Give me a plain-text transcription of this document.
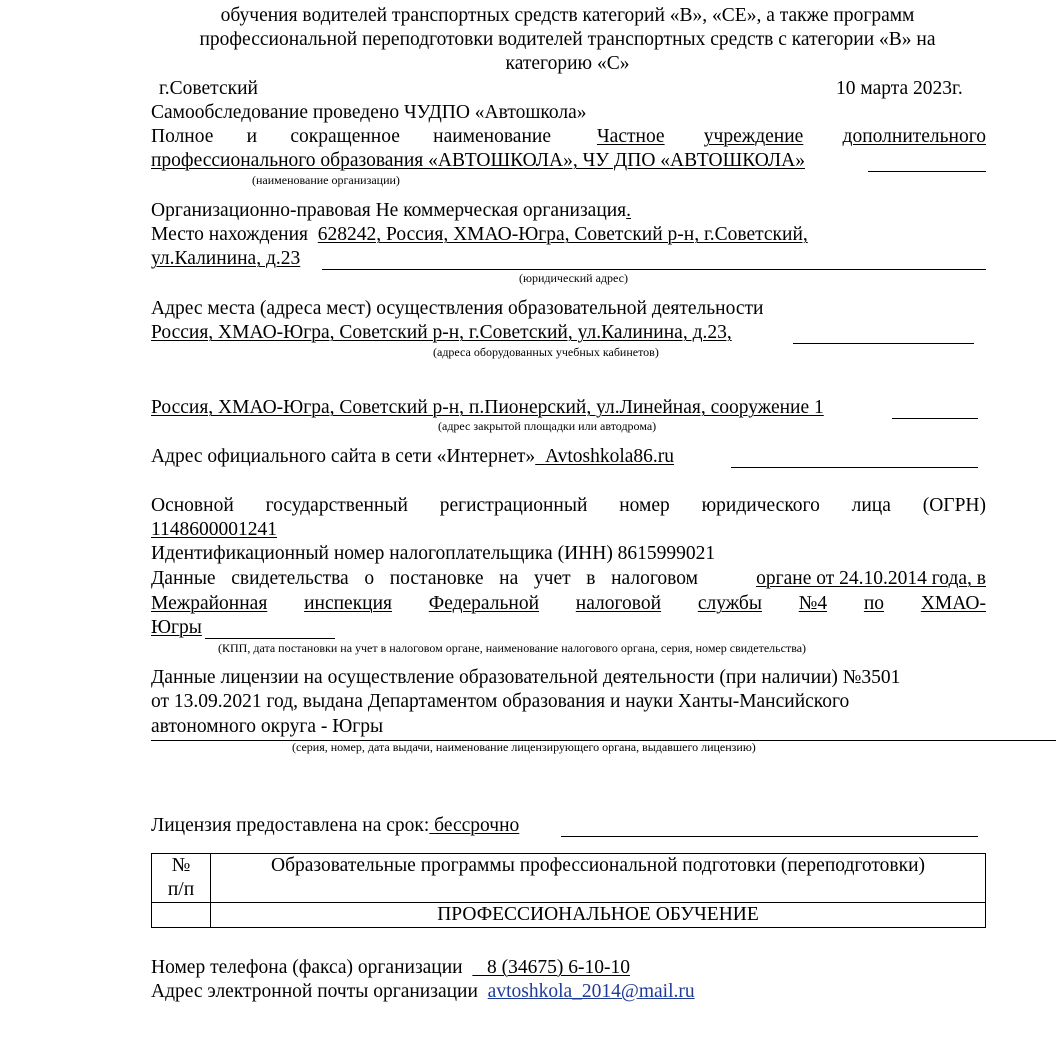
обучения водителей транспортных средств категорий «B», «CE», а также программ
профессиональной переподготовки водителей транспортных средств с категории «B» на
категорию «C»
г.Советский	10 марта 2023г.
Самообследование проведено ЧУДПО «Автошкола»
Полное и сокращенное наименование Частное учреждение дополнительного
профессионального образования «АВТОШКОЛА», ЧУ ДПО «АВТОШКОЛА»
(наименование организации)
Организационно-правовая Не коммерческая организация.
Место нахождения 628242, Россия, ХМАО-Югра, Советский р-н, г.Советский,
ул.Калинина, д.23
(юридический адрес)
Адрес места (адреса мест) осуществления образовательной деятельности
Россия, ХМАО-Югра, Советский р-н, г.Советский, ул.Калинина, д.23,
(адреса оборудованных учебных кабинетов)
Россия, ХМАО-Югра, Советский р-н, п.Пионерский, ул.Линейная, сооружение 1
(адрес закрытой площадки или автодрома)
Адрес официального сайта в сети «Интернет» Avtoshkola86.ru
Основной государственный регистрационный номер юридического лица (ОГРН)
1148600001241
Идентификационный номер налогоплательщика (ИНН) 8615999021
Данные свидетельства о постановке на учет в налоговом	органе от 24.10.2014 года, в
Межрайонная инспекция Федеральной налоговой службы №4 по ХМАО-
Югры
(КПП, дата постановки на учет в налоговом органе, наименование налогового органа, серия, номер свидетельства)
Данные лицензии на осуществление образовательной деятельности (при наличии) №3501
от 13.09.2021 год, выдана Департаментом образования и науки Ханты-Мансийского
автономного округа - Югры
(серия, номер, дата выдачи, наименование лицензирующего органа, выдавшего лицензию)
Лицензия предоставлена на срок: бессрочно
№
п/п	Образовательные программы профессиональной подготовки (переподготовки)
	ПРОФЕССИОНАЛЬНОЕ ОБУЧЕНИЕ
Номер телефона (факса) организации 8 (34675) 6-10-10
Адрес электронной почты организации avtoshkola_2014@mail.ru
